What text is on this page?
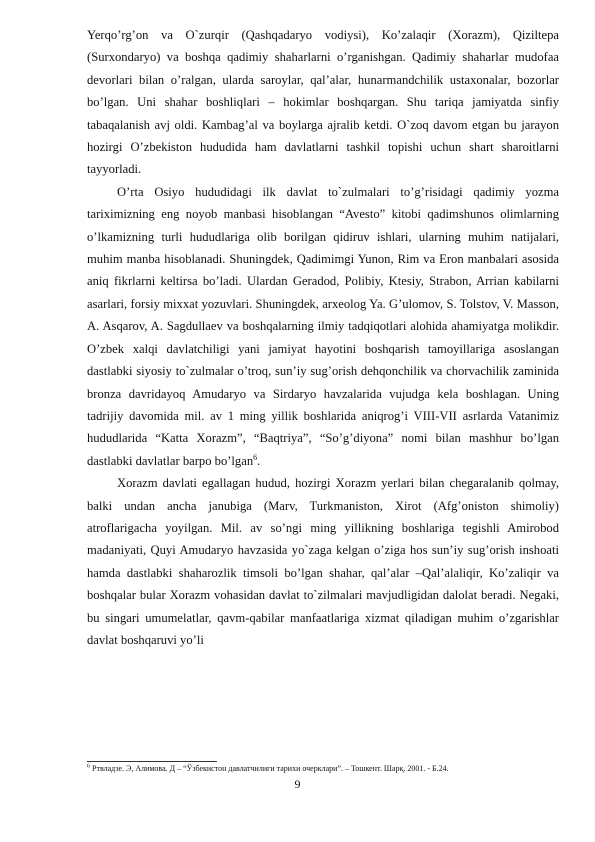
Yerqo’rg’on va O`zurqir (Qashqadaryo vodiysi), Ko’zalaqir (Xorazm), Qiziltepa (Surxondaryo) va boshqa qadimiy shaharlarni o’rganishgan. Qadimiy shaharlar mudofaa devorlari bilan o’ralgan, ularda saroylar, qal’alar, hunarmandchilik ustaxonalar, bozorlar bo’lgan. Uni shahar boshliqlari – hokimlar boshqargan. Shu tariqa jamiyatda sinfiy tabaqalanish avj oldi. Kambag’al va boylarga ajralib ketdi. O`zoq davom etgan bu jarayon hozirgi O’zbekiston hududida ham davlatlarni tashkil topishi uchun shart sharoitlarni tayyorladi.

O’rta Osiyo hududidagi ilk davlat to`zulmalari to’g’risidagi qadimiy yozma tariximizning eng noyob manbasi hisoblangan “Avesto” kitobi qadimshunos olimlarning o’lkamizning turli hududlariga olib borilgan qidiruv ishlari, ularning muhim natijalari, muhim manba hisoblanadi. Shuningdek, Qadimimgi Yunon, Rim va Eron manbalari asosida aniq fikrlarni keltirsa bo’ladi. Ulardan Geradod, Polibiy, Ktesiy, Strabon, Arrian kabilarni asarlari, forsiy mixxat yozuvlari. Shuningdek, arxeolog Ya. G’ulomov, S. Tolstov, V. Masson, A. Asqarov, A. Sagdullaev va boshqalarning ilmiy tadqiqotlari alohida ahamiyatga molikdir. O’zbek xalqi davlatchiligi yani jamiyat hayotini boshqarish tamoyillariga asoslangan dastlabki siyosiy to`zulmalar o’troq, sun’iy sug’orish dehqonchilik va chorvachilik zaminida bronza davridayoq Amudaryo va Sirdaryo havzalarida vujudga kela boshlagan. Uning tadrijiy davomida mil. av 1 ming yillik boshlarida aniqrog’i VIII-VII asrlarda Vatanimiz hududlarida “Katta Xorazm”, “Baqtriya”, “So’g’diyona” nomi bilan mashhur bo’lgan dastlabki davlatlar barpo bo’lgan$^6$.

Xorazm davlati egallagan hudud, hozirgi Xorazm yerlari bilan chegaralanib qolmay, balki undan ancha janubiga (Marv, Turkmaniston, Xirot (Afg’oniston shimoliy) atroflarigacha yoyilgan. Mil. av so’ngi ming yillikning boshlariga tegishli Amirobod madaniyati, Quyi Amudaryo havzasida yo`zaga kelgan o’ziga hos sun’iy sug’orish inshoati hamda dastlabki shaharozlik timsoli bo’lgan shahar, qal’alar –Qal’alaliqir, Ko’zaliqir va boshqalar bular Xorazm vohasidan davlat to`zilmalari mavjudligidan dalolat beradi. Negaki, bu singari umumelatlar, qavm-qabilar manfaatlariga xizmat qiladigan muhim o’zgarishlar davlat boshqaruvi yo’li

$^6$ Ртвладзе. Э, Алимова. Д – “Ўзбекистон давлатчилиги тарихи очерклари”. – Тошкент. Шарқ. 2001. - Б.24.
9
